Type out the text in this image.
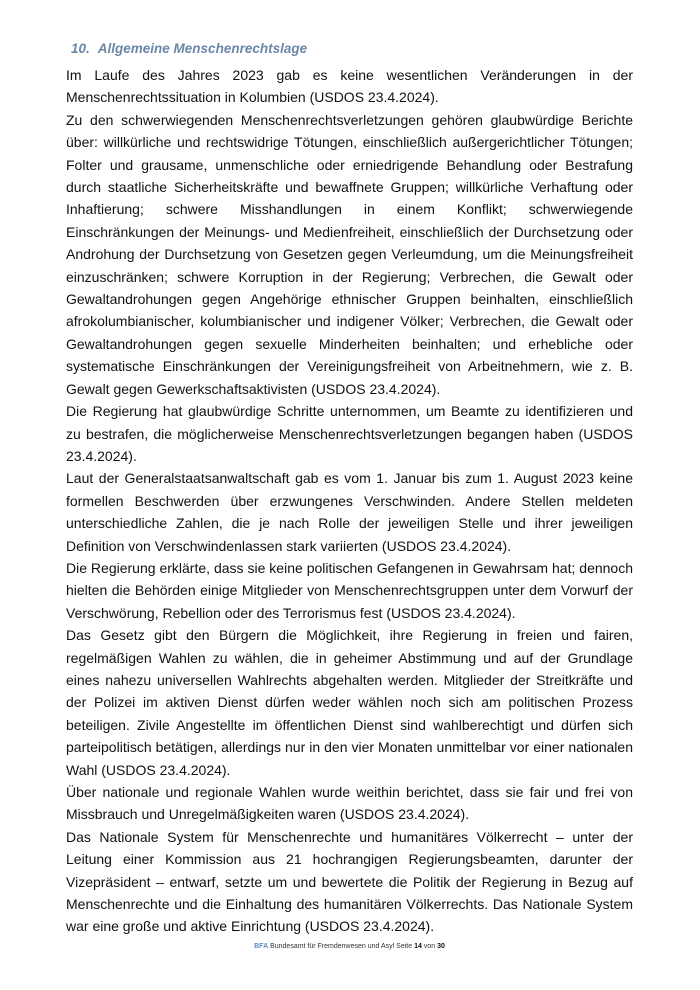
10. Allgemeine Menschenrechtslage

Im Laufe des Jahres 2023 gab es keine wesentlichen Veränderungen in der Menschenrechtssituation in Kolumbien (USDOS 23.4.2024).

Zu den schwerwiegenden Menschenrechtsverletzungen gehören glaubwürdige Berichte über: willkürliche und rechtswidrige Tötungen, einschließlich außergerichtlicher Tötungen; Folter und grausame, unmenschliche oder erniedrigende Behandlung oder Bestrafung durch staatliche Sicherheitskräfte und bewaffnete Gruppen; willkürliche Verhaftung oder Inhaftierung; schwere Misshandlungen in einem Konflikt; schwerwiegende Einschränkungen der Meinungs- und Medienfreiheit, einschließlich der Durchsetzung oder Androhung der Durchsetzung von Gesetzen gegen Verleumdung, um die Meinungsfreiheit einzuschränken; schwere Korruption in der Regierung; Verbrechen, die Gewalt oder Gewaltandrohungen gegen Angehörige ethnischer Gruppen beinhalten, einschließlich afrokolumbianischer, kolumbianischer und indigener Völker; Verbrechen, die Gewalt oder Gewaltandrohungen gegen sexuelle Minderheiten beinhalten; und erhebliche oder systematische Einschränkungen der Vereinigungsfreiheit von Arbeitnehmern, wie z. B. Gewalt gegen Gewerkschaftsaktivisten (USDOS 23.4.2024).

Die Regierung hat glaubwürdige Schritte unternommen, um Beamte zu identifizieren und zu bestrafen, die möglicherweise Menschenrechtsverletzungen begangen haben (USDOS 23.4.2024).

Laut der Generalstaatsanwaltschaft gab es vom 1. Januar bis zum 1. August 2023 keine formellen Beschwerden über erzwungenes Verschwinden. Andere Stellen meldeten unterschiedliche Zahlen, die je nach Rolle der jeweiligen Stelle und ihrer jeweiligen Definition von Verschwindenlassen stark variierten (USDOS 23.4.2024).

Die Regierung erklärte, dass sie keine politischen Gefangenen in Gewahrsam hat; dennoch hielten die Behörden einige Mitglieder von Menschenrechtsgruppen unter dem Vorwurf der Verschwörung, Rebellion oder des Terrorismus fest (USDOS 23.4.2024).

Das Gesetz gibt den Bürgern die Möglichkeit, ihre Regierung in freien und fairen, regelmäßigen Wahlen zu wählen, die in geheimer Abstimmung und auf der Grundlage eines nahezu universellen Wahlrechts abgehalten werden. Mitglieder der Streitkräfte und der Polizei im aktiven Dienst dürfen weder wählen noch sich am politischen Prozess beteiligen. Zivile Angestellte im öffentlichen Dienst sind wahlberechtigt und dürfen sich parteipolitisch betätigen, allerdings nur in den vier Monaten unmittelbar vor einer nationalen Wahl (USDOS 23.4.2024).

Über nationale und regionale Wahlen wurde weithin berichtet, dass sie fair und frei von Missbrauch und Unregelmäßigkeiten waren (USDOS 23.4.2024).

Das Nationale System für Menschenrechte und humanitäres Völkerrecht – unter der Leitung einer Kommission aus 21 hochrangigen Regierungsbeamten, darunter der Vizepräsident – entwarf, setzte um und bewertete die Politik der Regierung in Bezug auf Menschenrechte und die Einhaltung des humanitären Völkerrechts. Das Nationale System war eine große und aktive Einrichtung (USDOS 23.4.2024).

BFA Bundesamt für Fremdenwesen und Asyl Seite 14 von 30
